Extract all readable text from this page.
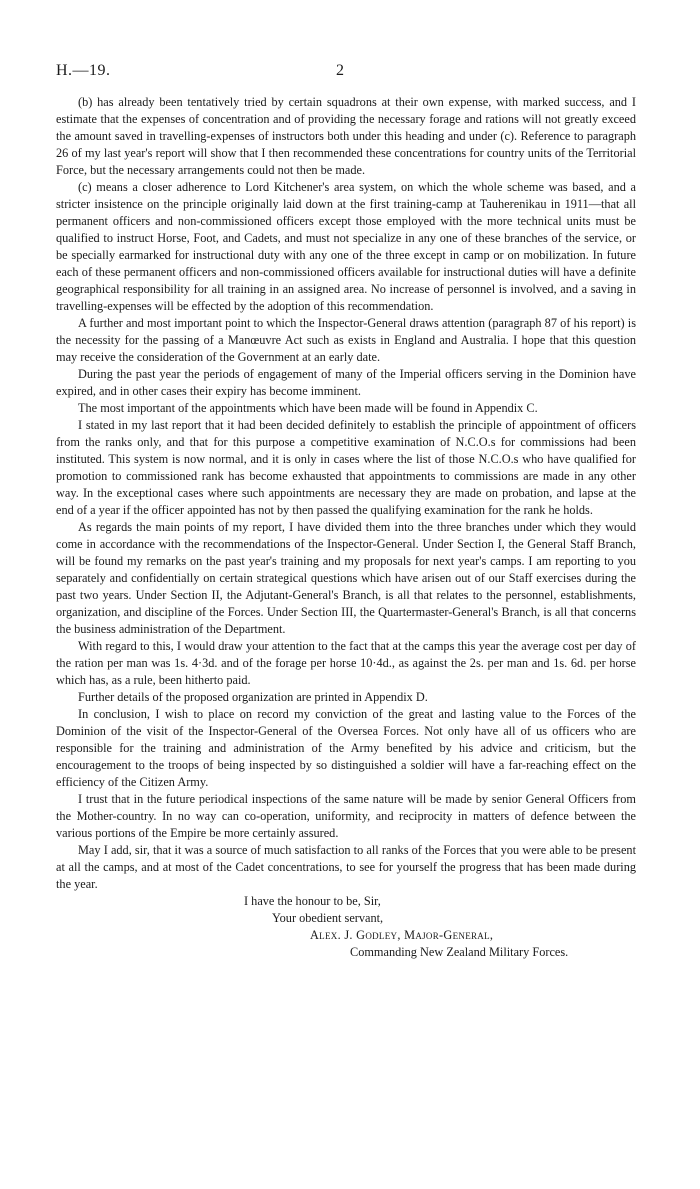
H.—19.	2

(b) has already been tentatively tried by certain squadrons at their own expense, with marked success, and I estimate that the expenses of concentration and of providing the necessary forage and rations will not greatly exceed the amount saved in travelling-expenses of instructors both under this heading and under (c). Reference to paragraph 26 of my last year's report will show that I then recommended these concentrations for country units of the Territorial Force, but the necessary arrangements could not then be made.

(c) means a closer adherence to Lord Kitchener's area system, on which the whole scheme was based, and a stricter insistence on the principle originally laid down at the first training-camp at Tauherenikau in 1911—that all permanent officers and non-commissioned officers except those employed with the more technical units must be qualified to instruct Horse, Foot, and Cadets, and must not specialize in any one of these branches of the service, or be specially earmarked for instructional duty with any one of the three except in camp or on mobilization. In future each of these permanent officers and non-commissioned officers available for instructional duties will have a definite geographical responsibility for all training in an assigned area. No increase of personnel is involved, and a saving in travelling-expenses will be effected by the adoption of this recommendation.

A further and most important point to which the Inspector-General draws attention (paragraph 87 of his report) is the necessity for the passing of a Manœuvre Act such as exists in England and Australia. I hope that this question may receive the consideration of the Government at an early date.

During the past year the periods of engagement of many of the Imperial officers serving in the Dominion have expired, and in other cases their expiry has become imminent.

The most important of the appointments which have been made will be found in Appendix C.

I stated in my last report that it had been decided definitely to establish the principle of appointment of officers from the ranks only, and that for this purpose a competitive examination of N.C.O.s for commissions had been instituted. This system is now normal, and it is only in cases where the list of those N.C.O.s who have qualified for promotion to commissioned rank has become exhausted that appointments to commissions are made in any other way. In the exceptional cases where such appointments are necessary they are made on probation, and lapse at the end of a year if the officer appointed has not by then passed the qualifying examination for the rank he holds.

As regards the main points of my report, I have divided them into the three branches under which they would come in accordance with the recommendations of the Inspector-General. Under Section I, the General Staff Branch, will be found my remarks on the past year's training and my proposals for next year's camps. I am reporting to you separately and confidentially on certain strategical questions which have arisen out of our Staff exercises during the past two years. Under Section II, the Adjutant-General's Branch, is all that relates to the personnel, establishments, organization, and discipline of the Forces. Under Section III, the Quartermaster-General's Branch, is all that concerns the business administration of the Department.

With regard to this, I would draw your attention to the fact that at the camps this year the average cost per day of the ration per man was 1s. 4·3d. and of the forage per horse 10·4d., as against the 2s. per man and 1s. 6d. per horse which has, as a rule, been hitherto paid.

Further details of the proposed organization are printed in Appendix D.

In conclusion, I wish to place on record my conviction of the great and lasting value to the Forces of the Dominion of the visit of the Inspector-General of the Oversea Forces. Not only have all of us officers who are responsible for the training and administration of the Army benefited by his advice and criticism, but the encouragement to the troops of being inspected by so distinguished a soldier will have a far-reaching effect on the efficiency of the Citizen Army.

I trust that in the future periodical inspections of the same nature will be made by senior General Officers from the Mother-country. In no way can co-operation, uniformity, and reciprocity in matters of defence between the various portions of the Empire be more certainly assured.

May I add, sir, that it was a source of much satisfaction to all ranks of the Forces that you were able to be present at all the camps, and at most of the Cadet concentrations, to see for yourself the progress that has been made during the year.

I have the honour to be, Sir,
Your obedient servant,
Alex. J. Godley, Major-General,
Commanding New Zealand Military Forces.
